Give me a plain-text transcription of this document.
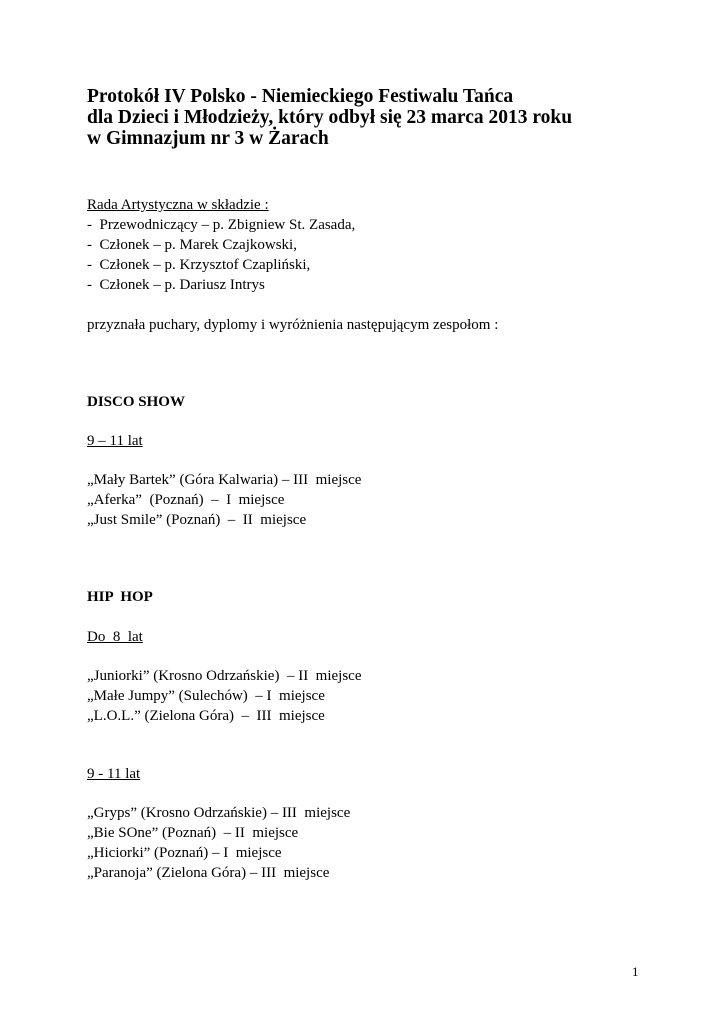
Protokół IV Polsko - Niemieckiego Festiwalu Tańca
dla Dzieci i Młodzieży, który odbył się 23 marca 2013 roku
w Gimnazjum nr 3 w Żarach
Rada Artystyczna w składzie :
-  Przewodniczący – p. Zbigniew St. Zasada,
-  Członek – p. Marek Czajkowski,
-  Członek – p. Krzysztof Czapliński,
-  Członek – p. Dariusz Intrys
przyznała puchary, dyplomy i wyróżnienia następującym zespołom :
DISCO SHOW
9 – 11 lat
„Mały Bartek” (Góra Kalwaria) – III  miejsce
„Aferka”  (Poznań)  –  I  miejsce
„Just Smile” (Poznań)  –  II  miejsce
HIP  HOP
Do  8  lat
„Juniorki” (Krosno Odrzańskie)  – II  miejsce
„Małe Jumpy” (Sulechów)  – I  miejsce
„L.O.L.” (Zielona Góra)  –  III  miejsce
9 - 11 lat
„Gryps” (Krosno Odrzańskie) – III  miejsce
„Bie SOne” (Poznań)  – II  miejsce
„Hiciorki” (Poznań) – I  miejsce
„Paranoja” (Zielona Góra) – III  miejsce
1
